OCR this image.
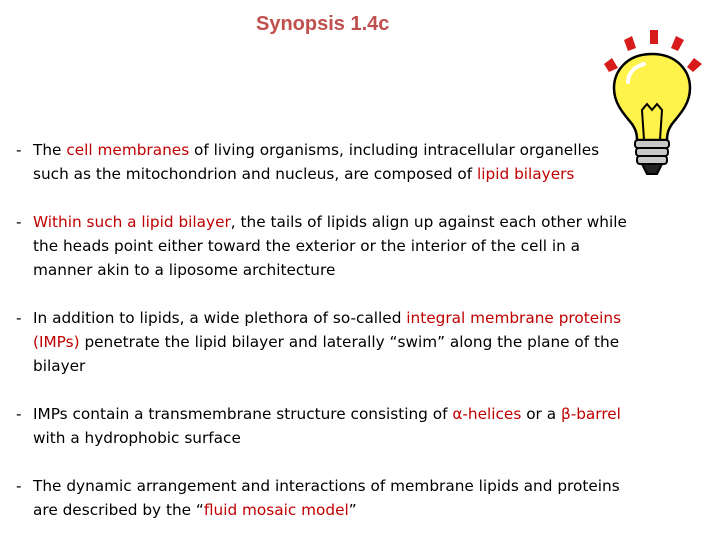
Synopsis 1.4c
- The cell membranes of living organisms, including intracellular organelles such as the mitochondrion and nucleus, are composed of lipid bilayers
- Within such a lipid bilayer, the tails of lipids align up against each other while the heads point either toward the exterior or the interior of the cell in a manner akin to a liposome architecture
- In addition to lipids, a wide plethora of so-called integral membrane proteins (IMPs) penetrate the lipid bilayer and laterally “swim” along the plane of the bilayer
- IMPs contain a transmembrane structure consisting of α-helices or a β-barrel with a hydrophobic surface
- The dynamic arrangement and interactions of membrane lipids and proteins are described by the “fluid mosaic model”
